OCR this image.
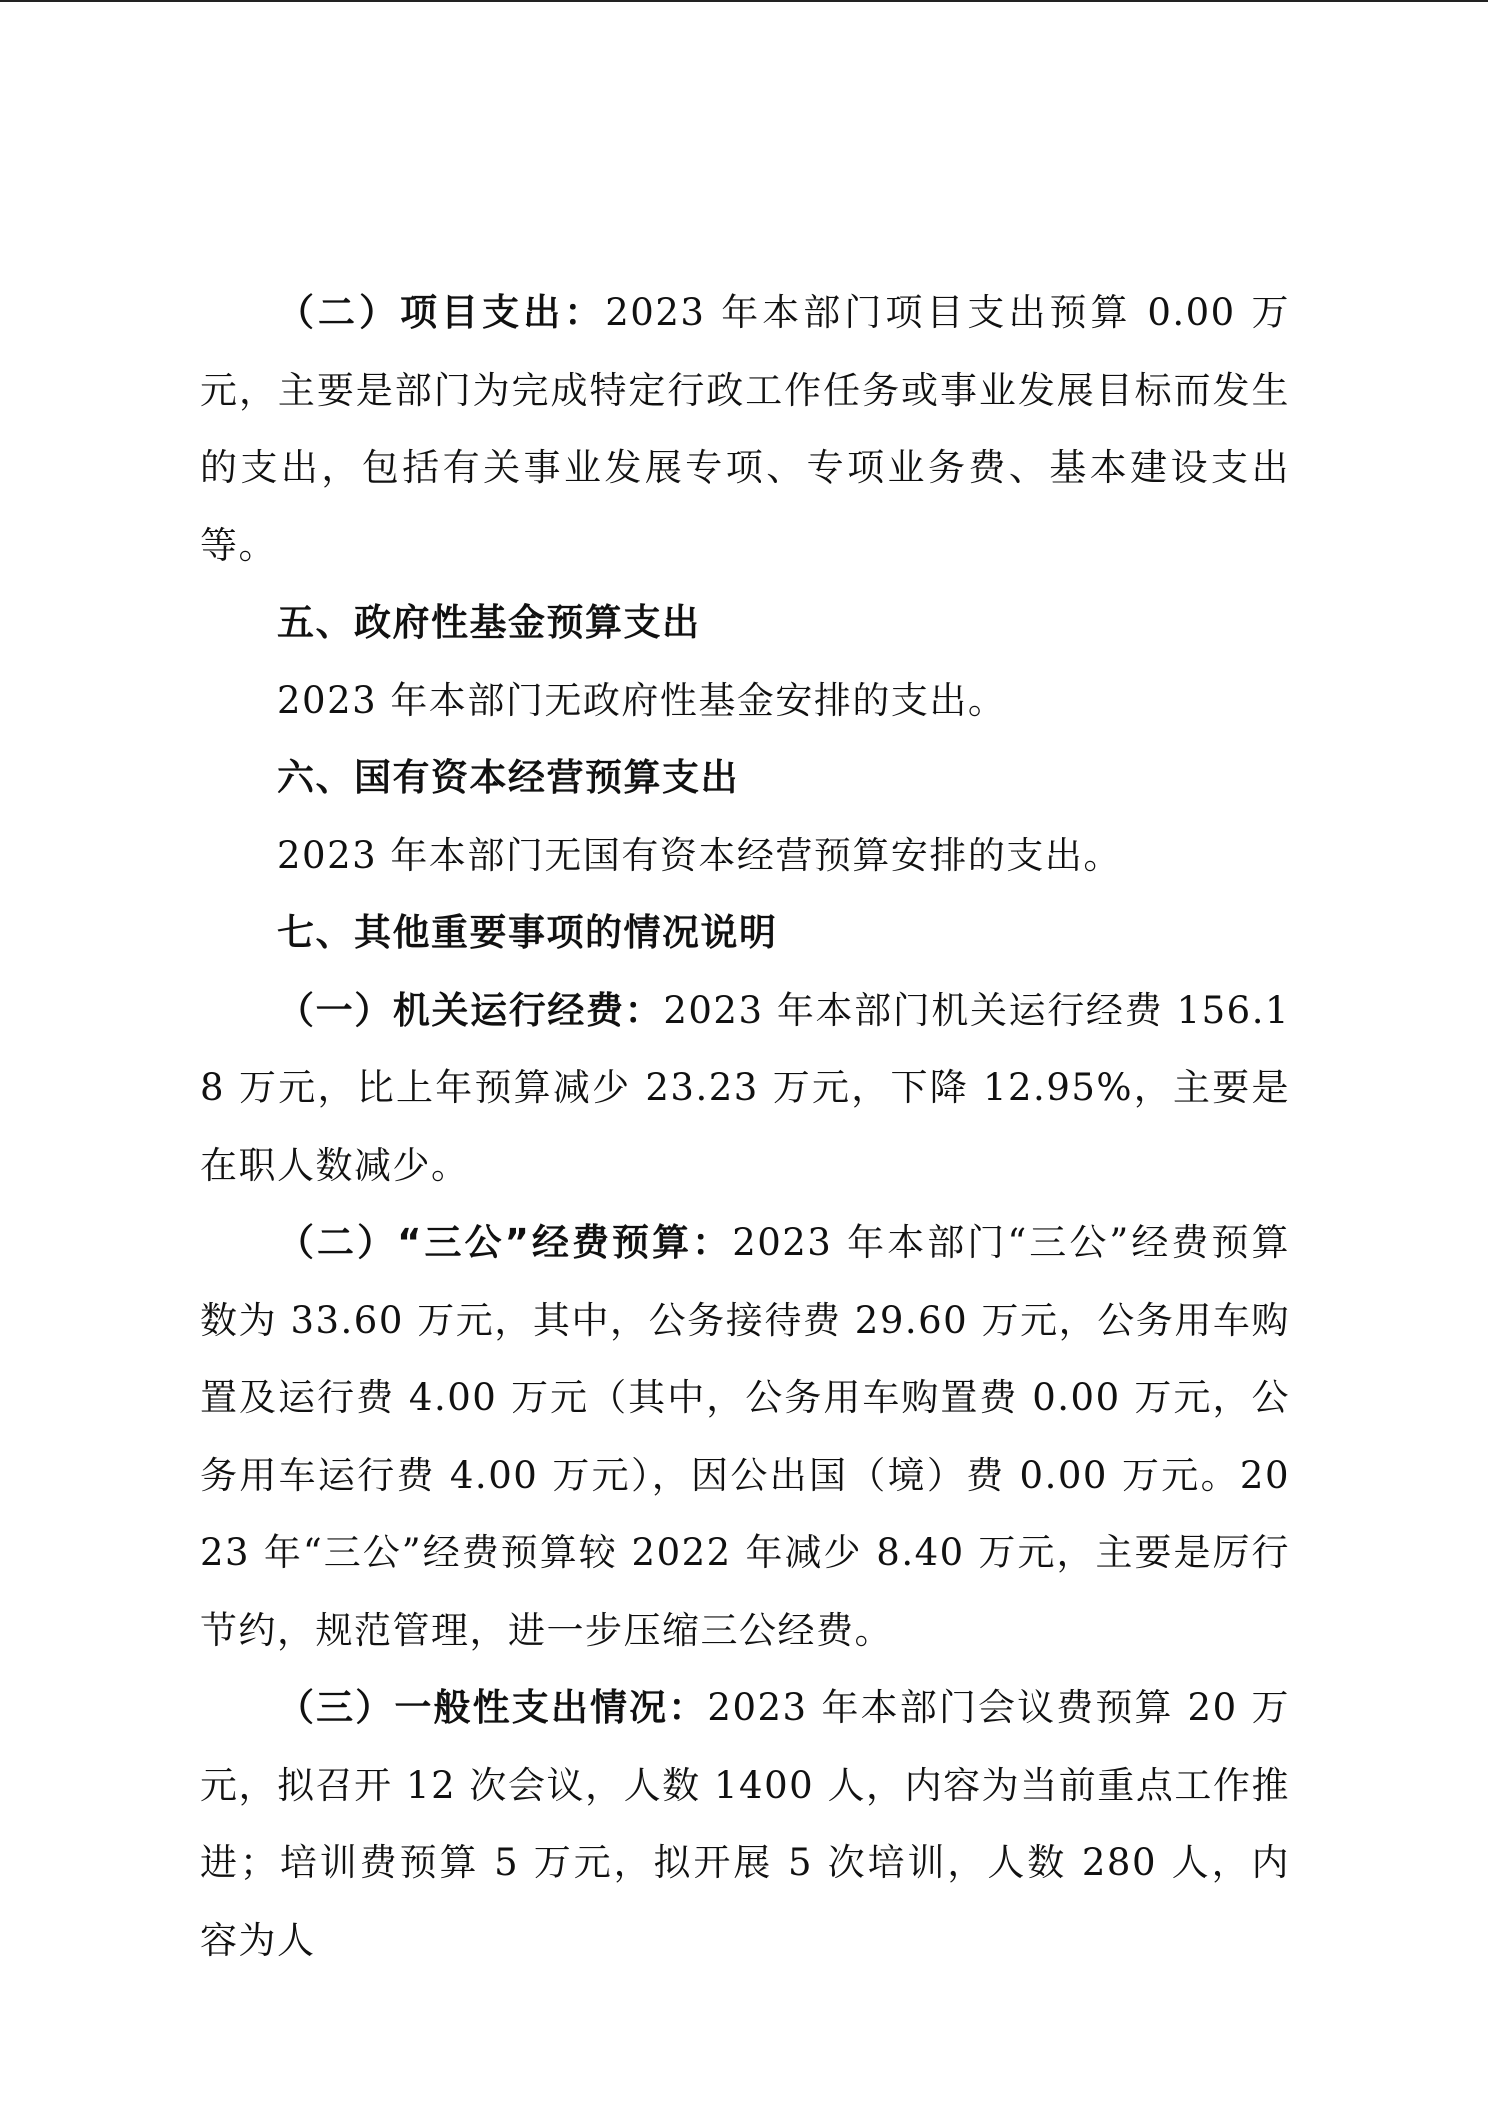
（二）项目支出：2023 年本部门项目支出预算 0.00 万元，主要是部门为完成特定行政工作任务或事业发展目标而发生的支出，包括有关事业发展专项、专项业务费、基本建设支出等。

五、政府性基金预算支出

2023 年本部门无政府性基金安排的支出。

六、国有资本经营预算支出

2023 年本部门无国有资本经营预算安排的支出。

七、其他重要事项的情况说明

（一）机关运行经费：2023 年本部门机关运行经费 156.18 万元，比上年预算减少 23.23 万元，下降 12.95%，主要是在职人数减少。

（二）“三公”经费预算：2023 年本部门“三公”经费预算数为 33.60 万元，其中，公务接待费 29.60 万元，公务用车购置及运行费 4.00 万元（其中，公务用车购置费 0.00 万元，公务用车运行费 4.00 万元），因公出国（境）费 0.00 万元。2023 年“三公”经费预算较 2022 年减少 8.40 万元，主要是厉行节约，规范管理，进一步压缩三公经费。

（三）一般性支出情况：2023 年本部门会议费预算 20 万元，拟召开 12 次会议，人数 1400 人，内容为当前重点工作推进；培训费预算 5 万元，拟开展 5 次培训，人数 280 人，内容为人
